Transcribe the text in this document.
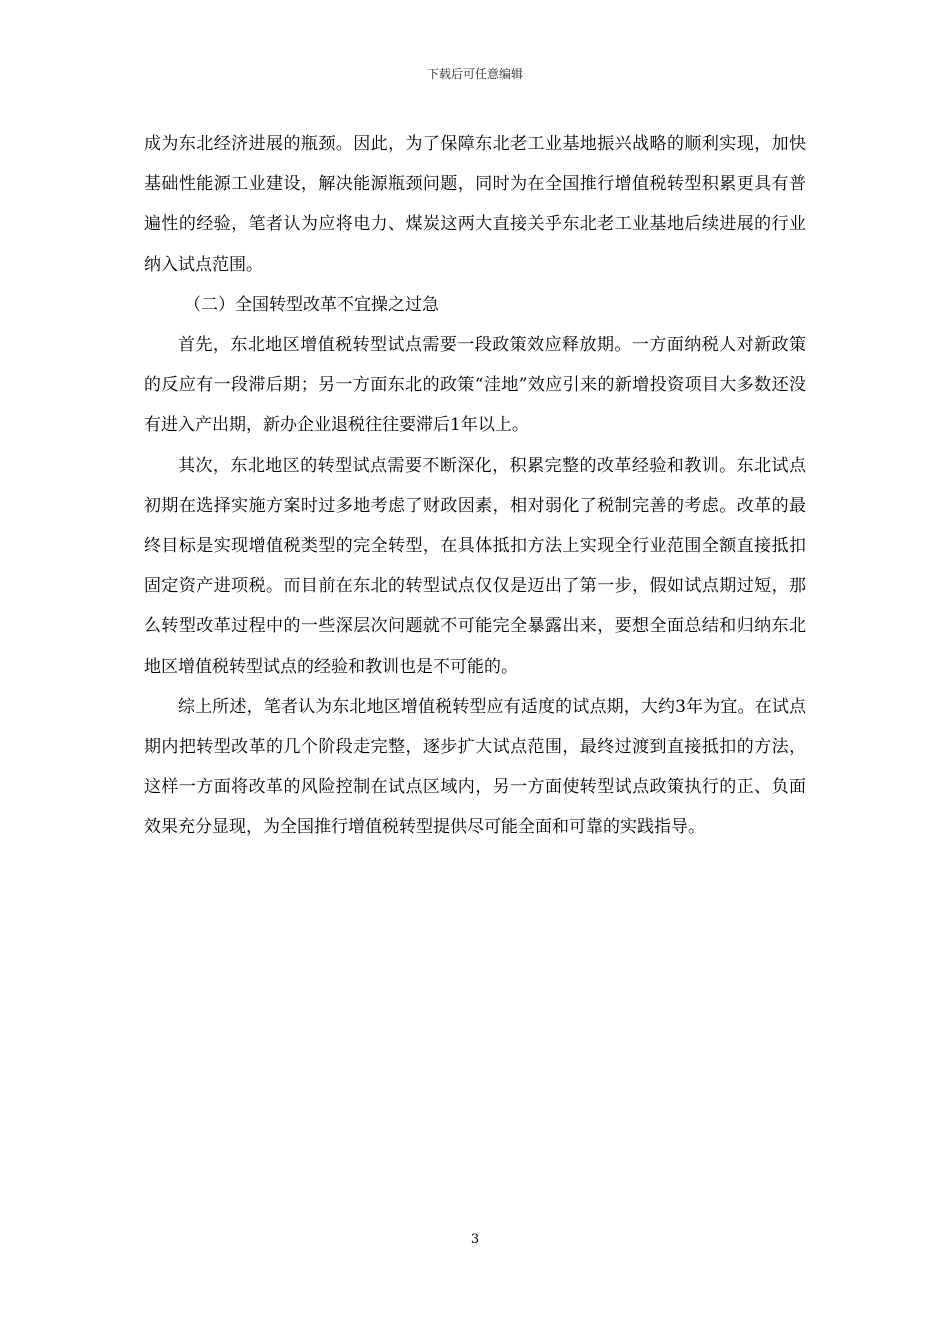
下载后可任意编辑

成为东北经济进展的瓶颈。因此，为了保障东北老工业基地振兴战略的顺利实现，加快基础性能源工业建设，解决能源瓶颈问题，同时为在全国推行增值税转型积累更具有普遍性的经验，笔者认为应将电力、煤炭这两大直接关乎东北老工业基地后续进展的行业纳入试点范围。

（二）全国转型改革不宜操之过急

首先，东北地区增值税转型试点需要一段政策效应释放期。一方面纳税人对新政策的反应有一段滞后期；另一方面东北的政策“洼地”效应引来的新增投资项目大多数还没有进入产出期，新办企业退税往往要滞后1年以上。

其次，东北地区的转型试点需要不断深化，积累完整的改革经验和教训。东北试点初期在选择实施方案时过多地考虑了财政因素，相对弱化了税制完善的考虑。改革的最终目标是实现增值税类型的完全转型，在具体抵扣方法上实现全行业范围全额直接抵扣固定资产进项税。而目前在东北的转型试点仅仅是迈出了第一步，假如试点期过短，那么转型改革过程中的一些深层次问题就不可能完全暴露出来，要想全面总结和归纳东北地区增值税转型试点的经验和教训也是不可能的。

综上所述，笔者认为东北地区增值税转型应有适度的试点期，大约3年为宜。在试点期内把转型改革的几个阶段走完整，逐步扩大试点范围，最终过渡到直接抵扣的方法，这样一方面将改革的风险控制在试点区域内，另一方面使转型试点政策执行的正、负面效果充分显现，为全国推行增值税转型提供尽可能全面和可靠的实践指导。

3
